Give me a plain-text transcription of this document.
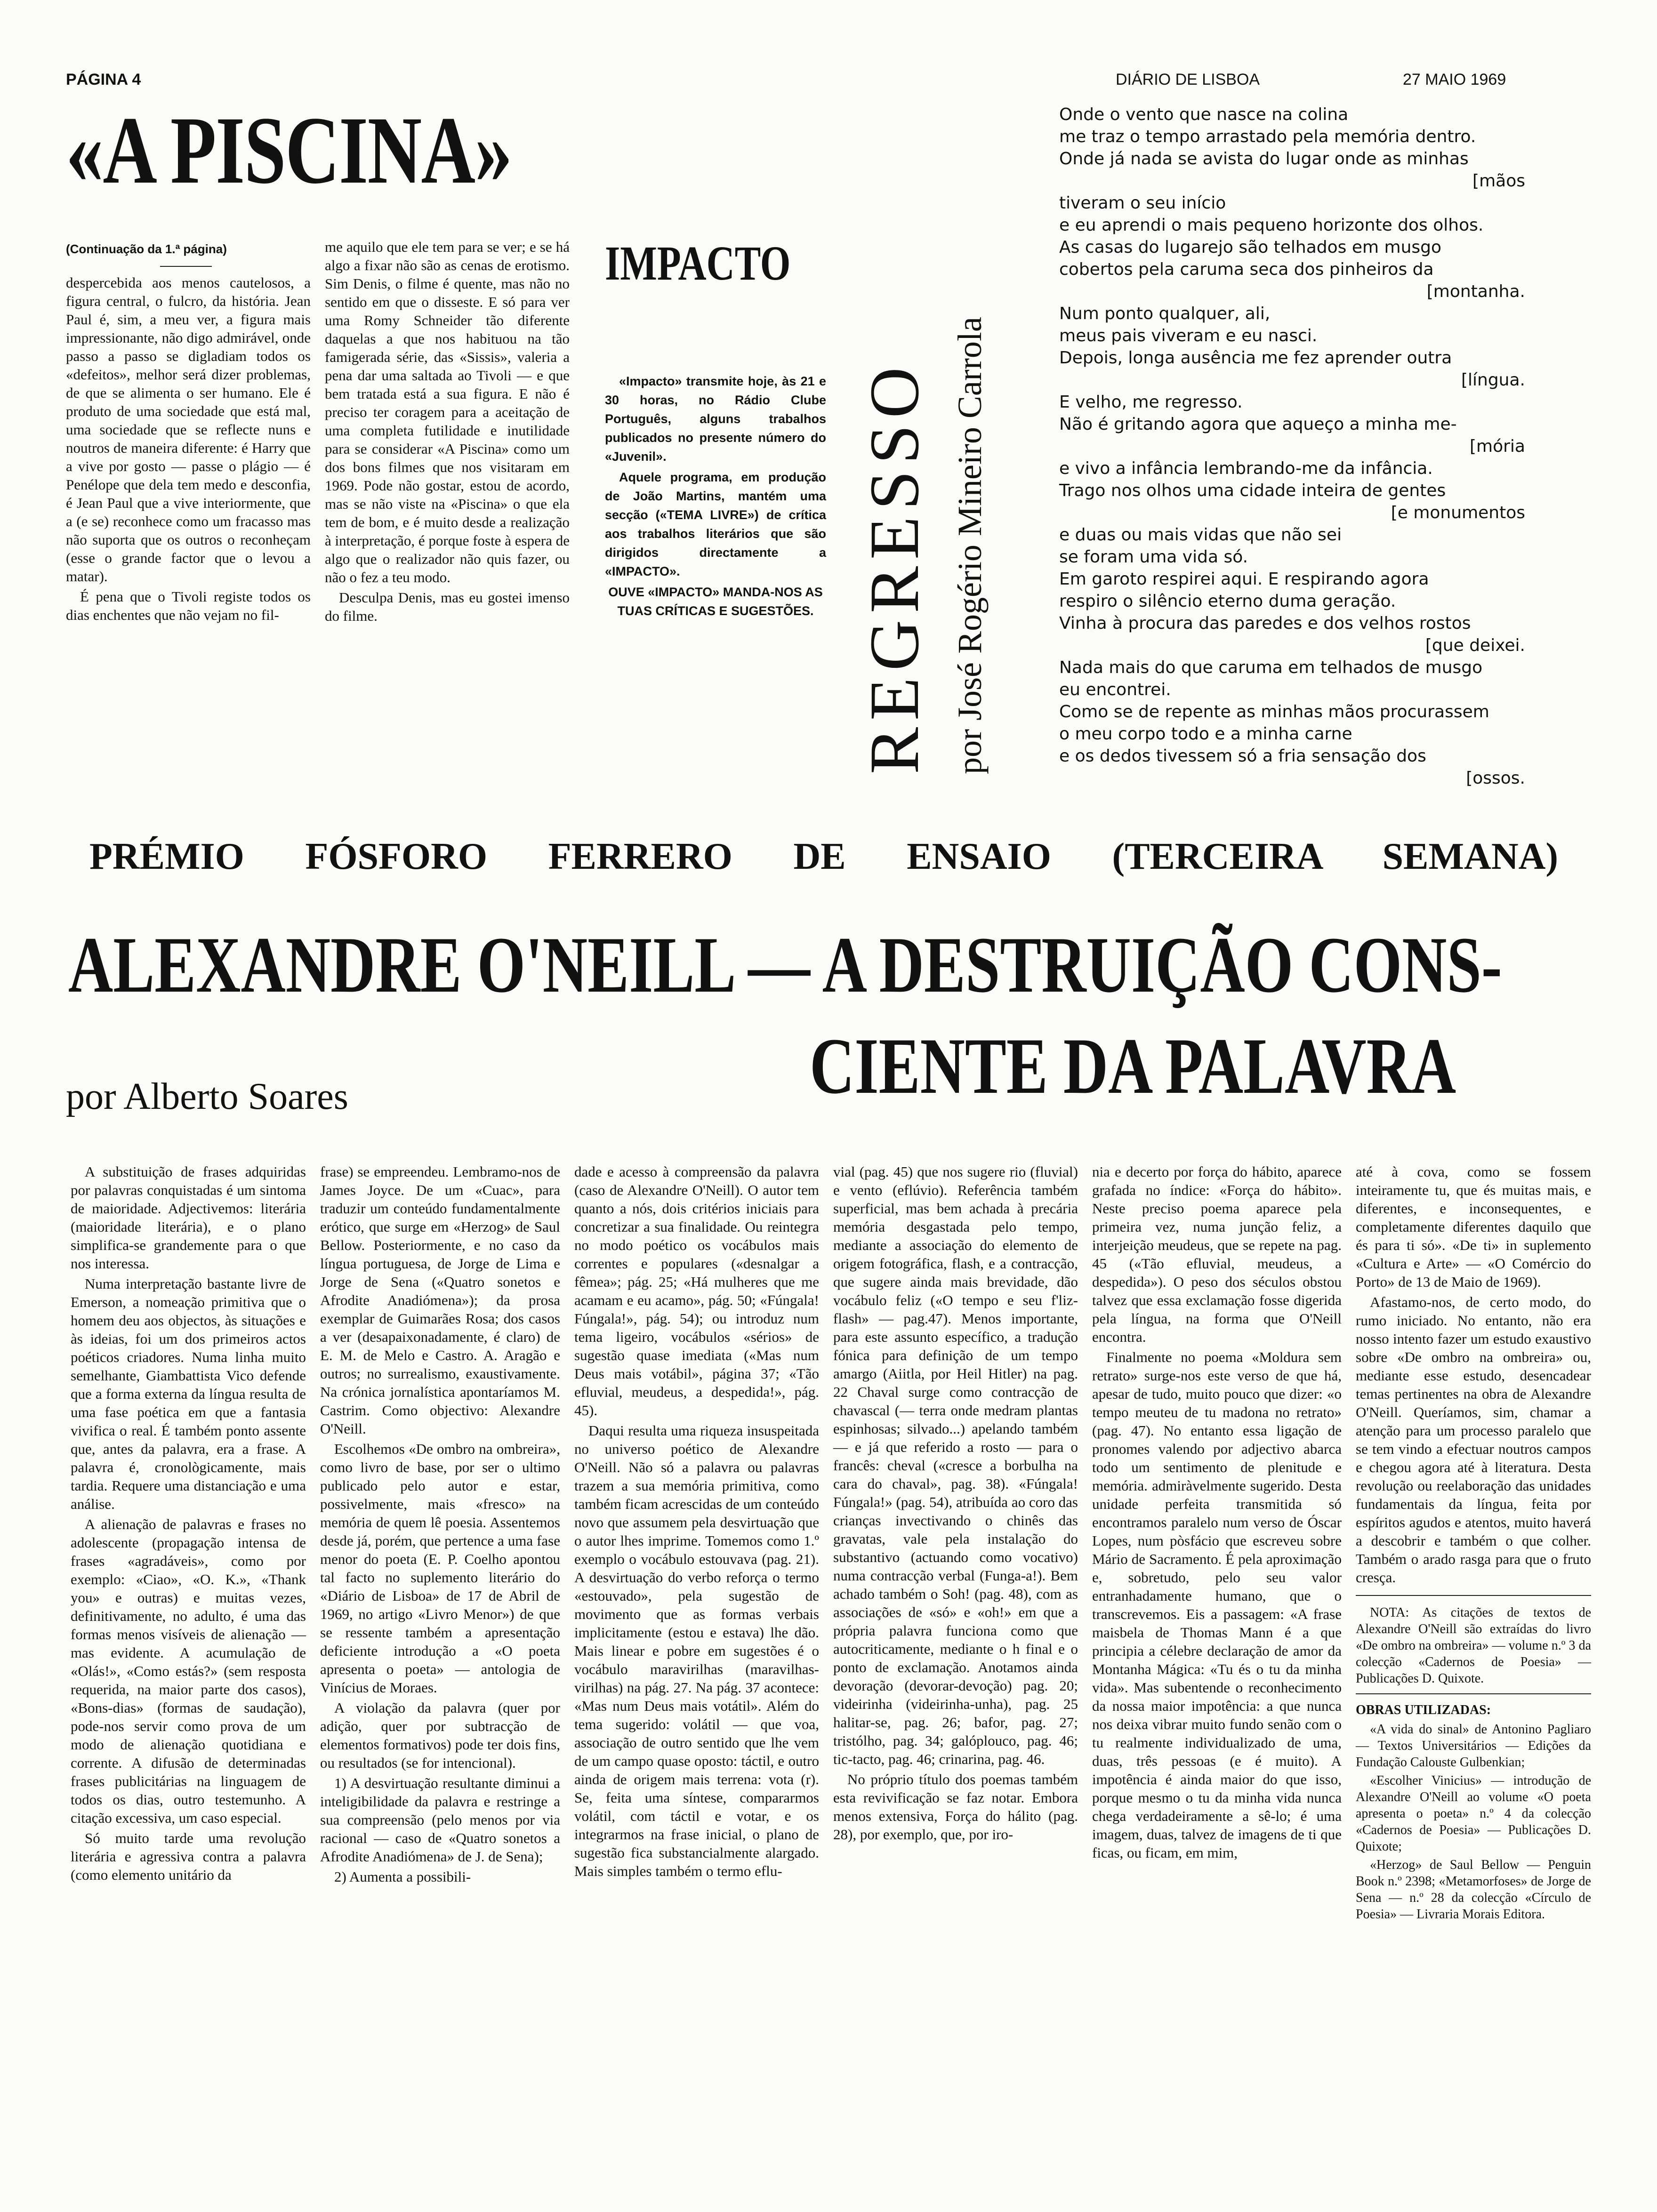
PÁGINA 4	DIÁRIO DE LISBOA	27 MAIO 1969
«A PISCINA»

(Continuação da 1.ª página)

despercebida aos menos cautelosos, a figura central, o fulcro, da história. Jean Paul é, sim, a meu ver, a figura mais impressionante, não digo admirável, onde passo a passo se digladiam todos os «defeitos», melhor será dizer problemas, de que se alimenta o ser humano. Ele é produto de uma sociedade que está mal, uma sociedade que se reflecte nuns e noutros de maneira diferente: é Harry que a vive por gosto — passe o plágio — é Penélope que dela tem medo e desconfia, é Jean Paul que a vive interiormente, que a (e se) reconhece como um fracasso mas não suporta que os outros o reconheçam (esse o grande factor que o levou a matar).

É pena que o Tivoli registe todos os dias enchentes que não vejam no fil-

me aquilo que ele tem para se ver; e se há algo a fixar não são as cenas de erotismo. Sim Denis, o filme é quente, mas não no sentido em que o disseste. E só para ver uma Romy Schneider tão diferente daquelas a que nos habituou na tão famigerada série, das «Sissis», valeria a pena dar uma saltada ao Tivoli — e que bem tratada está a sua figura. E não é preciso ter coragem para a aceitação de uma completa futilidade e inutilidade para se considerar «A Piscina» como um dos bons filmes que nos visitaram em 1969. Pode não gostar, estou de acordo, mas se não viste na «Piscina» o que ela tem de bom, e é muito desde a realização à interpretação, é porque foste à espera de algo que o realizador não quis fazer, ou não o fez a teu modo.

Desculpa Denis, mas eu gostei imenso do filme.

IMPACTO

«Impacto» transmite hoje, às 21 e 30 horas, no Rádio Clube Português, alguns trabalhos publicados no presente número do «Juvenil».

Aquele programa, em produção de João Martins, mantém uma secção («TEMA LIVRE») de crítica aos trabalhos literários que são dirigidos directamente a «IMPACTO».

OUVE «IMPACTO» MANDA-NOS AS TUAS CRÍTICAS E SUGESTÕES. REGRESSO por José Rogério Mineiro Carrola
Onde o vento que nasce na colina
me traz o tempo arrastado pela memória dentro.
Onde já nada se avista do lugar onde as minhas
[mãos
tiveram o seu início
e eu aprendi o mais pequeno horizonte dos olhos.
As casas do lugarejo são telhados em musgo
cobertos pela caruma seca dos pinheiros da
[montanha.
Num ponto qualquer, ali,
meus pais viveram e eu nasci.
Depois, longa ausência me fez aprender outra
[língua.
E velho, me regresso.
Não é gritando agora que aqueço a minha me-
[mória
e vivo a infância lembrando-me da infância.
Trago nos olhos uma cidade inteira de gentes
[e monumentos
e duas ou mais vidas que não sei
se foram uma vida só.
Em garoto respirei aqui. E respirando agora
respiro o silêncio eterno duma geração.
Vinha à procura das paredes e dos velhos rostos
[que deixei.
Nada mais do que caruma em telhados de musgo
eu encontrei.
Como se de repente as minhas mãos procurassem
o meu corpo todo e a minha carne
e os dedos tivessem só a fria sensação dos
[ossos.
PRÉMIO FÓSFORO FERRERO DE ENSAIO (TERCEIRA SEMANA)
ALEXANDRE O'NEILL — A DESTRUIÇÃO CONS-
CIENTE DA PALAVRA
por Alberto Soares

A substituição de frases adquiridas por palavras conquistadas é um sintoma de maioridade. Adjectivemos: literária (maioridade literária), e o plano simplifica-se grandemente para o que nos interessa.

Numa interpretação bastante livre de Emerson, a nomeação primitiva que o homem deu aos objectos, às situações e às ideias, foi um dos primeiros actos poéticos criadores. Numa linha muito semelhante, Giambattista Vico defende que a forma externa da língua resulta de uma fase poética em que a fantasia vivifica o real. É também ponto assente que, antes da palavra, era a frase. A palavra é, cronològicamente, mais tardia. Requere uma distanciação e uma análise.

A alienação de palavras e frases no adolescente (propagação intensa de frases «agradáveis», como por exemplo: «Ciao», «O. K.», «Thank you» e outras) e muitas vezes, definitivamente, no adulto, é uma das formas menos visíveis de alienação — mas evidente. A acumulação de «Olás!», «Como estás?» (sem resposta requerida, na maior parte dos casos), «Bons-dias» (formas de saudação), pode-nos servir como prova de um modo de alienação quotidiana e corrente. A difusão de determinadas frases publicitárias na linguagem de todos os dias, outro testemunho. A citação excessiva, um caso especial.

Só muito tarde uma revolução literária e agressiva contra a palavra (como elemento unitário da

frase) se empreendeu. Lembramo-nos de James Joyce. De um «Cuac», para traduzir um conteúdo fundamentalmente erótico, que surge em «Herzog» de Saul Bellow. Posteriormente, e no caso da língua portuguesa, de Jorge de Lima e Jorge de Sena («Quatro sonetos e Afrodite Anadiómena»); da prosa exemplar de Guimarães Rosa; dos casos a ver (desapaixonadamente, é claro) de E. M. de Melo e Castro. A. Aragão e outros; no surrealismo, exaustivamente. Na crónica jornalística apontaríamos M. Castrim. Como objectivo: Alexandre O'Neill.

Escolhemos «De ombro na ombreira», como livro de base, por ser o ultimo publicado pelo autor e estar, possivelmente, mais «fresco» na memória de quem lê poesia. Assentemos desde já, porém, que pertence a uma fase menor do poeta (E. P. Coelho apontou tal facto no suplemento literário do «Diário de Lisboa» de 17 de Abril de 1969, no artigo «Livro Menor») de que se ressente também a apresentação deficiente introdução a «O poeta apresenta o poeta» — antologia de Vinícius de Moraes.

A violação da palavra (quer por adição, quer por subtracção de elementos formativos) pode ter dois fins, ou resultados (se for intencional).

1) A desvirtuação resultante diminui a inteligibilidade da palavra e restringe a sua compreensão (pelo menos por via racional — caso de «Quatro sonetos a Afrodite Anadiómena» de J. de Sena);

2) Aumenta a possibili-

dade e acesso à compreensão da palavra (caso de Alexandre O'Neill). O autor tem quanto a nós, dois critérios iniciais para concretizar a sua finalidade. Ou reintegra no modo poético os vocábulos mais correntes e populares («desnalgar a fêmea»; pág. 25; «Há mulheres que me acamam e eu acamo», pág. 50; «Fúngala! Fúngala!», pág. 54); ou introduz num tema ligeiro, vocábulos «sérios» de sugestão quase imediata («Mas num Deus mais votábil», página 37; «Tão efluvial, meudeus, a despedida!», pág. 45).

Daqui resulta uma riqueza insuspeitada no universo poético de Alexandre O'Neill. Não só a palavra ou palavras trazem a sua memória primitiva, como também ficam acrescidas de um conteúdo novo que assumem pela desvirtuação que o autor lhes imprime. Tomemos como 1.º exemplo o vocábulo estouvava (pag. 21). A desvirtuação do verbo reforça o termo «estouvado», pela sugestão de movimento que as formas verbais implicitamente (estou e estava) lhe dão. Mais linear e pobre em sugestões é o vocábulo maravirilhas (maravilhas-virilhas) na pág. 27. Na pág. 37 acontece: «Mas num Deus mais votátil». Além do tema sugerido: volátil — que voa, associação de outro sentido que lhe vem de um campo quase oposto: táctil, e outro ainda de origem mais terrena: vota (r). Se, feita uma síntese, compararmos volátil, com táctil e votar, e os integrarmos na frase inicial, o plano de sugestão fica substancialmente alargado. Mais simples também o termo eflu-

vial (pag. 45) que nos sugere rio (fluvial) e vento (eflúvio). Referência também superficial, mas bem achada à precária memória desgastada pelo tempo, mediante a associação do elemento de origem fotográfica, flash, e a contracção, que sugere ainda mais brevidade, dão vocábulo feliz («O tempo e seu f'liz-flash» — pag.47). Menos importante, para este assunto específico, a tradução fónica para definição de um tempo amargo (Aiitla, por Heil Hitler) na pag. 22 Chaval surge como contracção de chavascal (— terra onde medram plantas espinhosas; silvado...) apelando também — e já que referido a rosto — para o francês: cheval («cresce a borbulha na cara do chaval», pag. 38). «Fúngala! Fúngala!» (pag. 54), atribuída ao coro das crianças invectivando o chinês das gravatas, vale pela instalação do substantivo (actuando como vocativo) numa contracção verbal (Funga-a!). Bem achado também o Soh! (pag. 48), com as associações de «só» e «oh!» em que a própria palavra funciona como que autocriticamente, mediante o h final e o ponto de exclamação. Anotamos ainda devoração (devorar-devoção) pag. 20; videirinha (videirinha-unha), pag. 25 halitar-se, pag. 26; bafor, pag. 27; tristólho, pag. 34; galóplouco, pag. 46; tic-tacto, pag. 46; crinarina, pag. 46.

No próprio título dos poemas também esta revivificação se faz notar. Embora menos extensiva, Força do hálito (pag. 28), por exemplo, que, por iro-

nia e decerto por força do hábito, aparece grafada no índice: «Força do hábito». Neste preciso poema aparece pela primeira vez, numa junção feliz, a interjeição meudeus, que se repete na pag. 45 («Tão efluvial, meudeus, a despedida»). O peso dos séculos obstou talvez que essa exclamação fosse digerida pela língua, na forma que O'Neill encontra.

Finalmente no poema «Moldura sem retrato» surge-nos este verso de que há, apesar de tudo, muito pouco que dizer: «o tempo meuteu de tu madona no retrato» (pag. 47). No entanto essa ligação de pronomes valendo por adjectivo abarca todo um sentimento de plenitude e memória. admiràvelmente sugerido. Desta unidade perfeita transmitida só encontramos paralelo num verso de Óscar Lopes, num pòsfácio que escreveu sobre Mário de Sacramento. É pela aproximação e, sobretudo, pelo seu valor entranhadamente humano, que o transcrevemos. Eis a passagem: «A frase maisbela de Thomas Mann é a que principia a célebre declaração de amor da Montanha Mágica: «Tu és o tu da minha vida». Mas subentende o reconhecimento da nossa maior impotência: a que nunca nos deixa vibrar muito fundo senão com o tu realmente individualizado de uma, duas, três pessoas (e é muito). A impotência é ainda maior do que isso, porque mesmo o tu da minha vida nunca chega verdadeiramente a sê-lo; é uma imagem, duas, talvez de imagens de ti que ficas, ou ficam, em mim,

até à cova, como se fossem inteiramente tu, que és muitas mais, e diferentes, e inconsequentes, e completamente diferentes daquilo que és para ti só». «De ti» in suplemento «Cultura e Arte» — «O Comércio do Porto» de 13 de Maio de 1969).

Afastamo-nos, de certo modo, do rumo iniciado. No entanto, não era nosso intento fazer um estudo exaustivo sobre «De ombro na ombreira» ou, mediante esse estudo, desencadear temas pertinentes na obra de Alexandre O'Neill. Queríamos, sim, chamar a atenção para um processo paralelo que se tem vindo a efectuar noutros campos e chegou agora até à literatura. Desta revolução ou reelaboração das unidades fundamentais da língua, feita por espíritos agudos e atentos, muito haverá a descobrir e também o que colher. Também o arado rasga para que o fruto cresça.

NOTA: As citações de textos de Alexandre O'Neill são extraídas do livro «De ombro na ombreira» — volume n.º 3 da colecção «Cadernos de Poesia» — Publicações D. Quixote.

OBRAS UTILIZADAS:

«A vida do sinal» de Antonino Pagliaro — Textos Universitários — Edições da Fundação Calouste Gulbenkian;

«Escolher Vinicius» — introdução de Alexandre O'Neill ao volume «O poeta apresenta o poeta» n.º 4 da colecção «Cadernos de Poesia» — Publicações D. Quixote;

«Herzog» de Saul Bellow — Penguin Book n.º 2398; «Metamorfoses» de Jorge de Sena — n.º 28 da colecção «Círculo de Poesia» — Livraria Morais Editora.
